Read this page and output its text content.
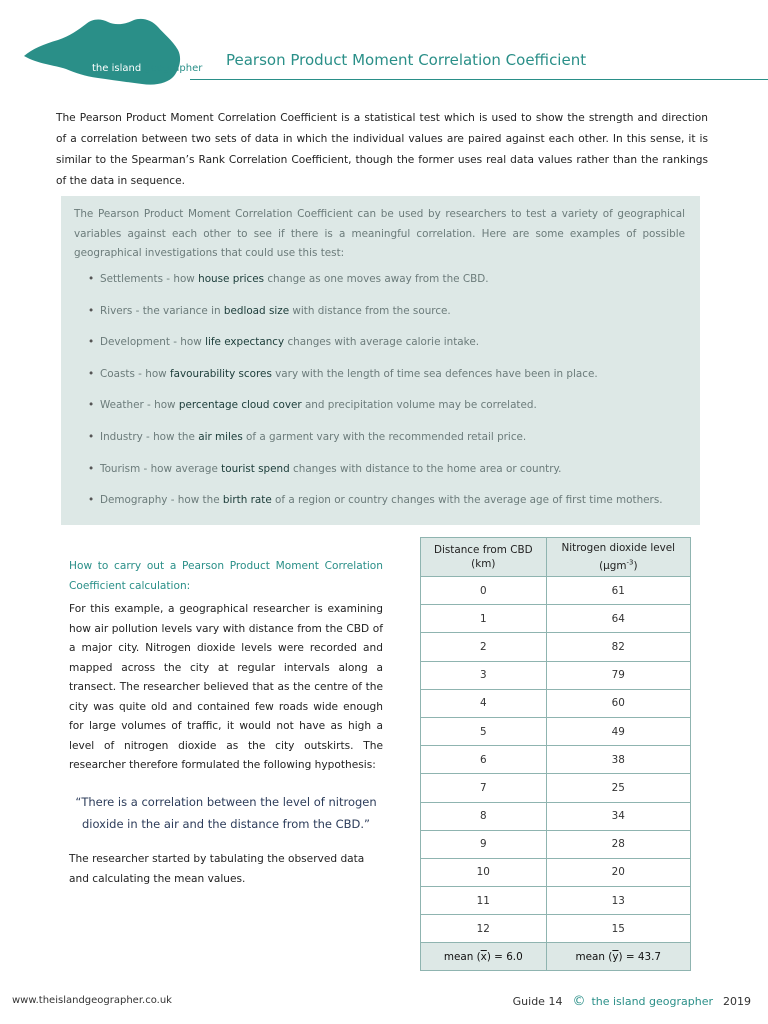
the island geographer Pearson Product Moment Correlation Coefficient

The Pearson Product Moment Correlation Coefficient is a statistical test which is used to show the strength and direction of a correlation between two sets of data in which the individual values are paired against each other. In this sense, it is similar to the Spearman’s Rank Correlation Coefficient, though the former uses real data values rather than the rankings of the data in sequence.

The Pearson Product Moment Correlation Coefficient can be used by researchers to test a variety of geographical variables against each other to see if there is a meaningful correlation. Here are some examples of possible geographical investigations that could use this test:

• Settlements - how house prices change as one moves away from the CBD.
• Rivers - the variance in bedload size with distance from the source.
• Development - how life expectancy changes with average calorie intake.
• Coasts - how favourability scores vary with the length of time sea defences have been in place.
• Weather - how percentage cloud cover and precipitation volume may be correlated.
• Industry - how the air miles of a garment vary with the recommended retail price.
• Tourism - how average tourist spend changes with distance to the home area or country.
• Demography - how the birth rate of a region or country changes with the average age of first time mothers.
How to carry out a Pearson Product Moment Correlation Coefficient calculation:

For this example, a geographical researcher is examining how air pollution levels vary with distance from the CBD of a major city. Nitrogen dioxide levels were recorded and mapped across the city at regular intervals along a transect. The researcher believed that as the centre of the city was quite old and contained few roads wide enough for large volumes of traffic, it would not have as high a level of nitrogen dioxide as the city outskirts. The researcher therefore formulated the following hypothesis:

“There is a correlation between the level of nitrogen dioxide in the air and the distance from the CBD.”

The researcher started by tabulating the observed data and calculating the mean values.

Distance from CBD
(km)	Nitrogen dioxide level
(μgm$^{-3}$)
0	61
1	64
2	82
3	79
4	60
5	49
6	38
7	25
8	34
9	28
10	20
11	13
12	15
mean $(\overline{x}) = 6.0$	mean $(\overline{y}) = 43.7$
www.theislandgeographer.co.uk	Guide 14 © the island geographer 2019
